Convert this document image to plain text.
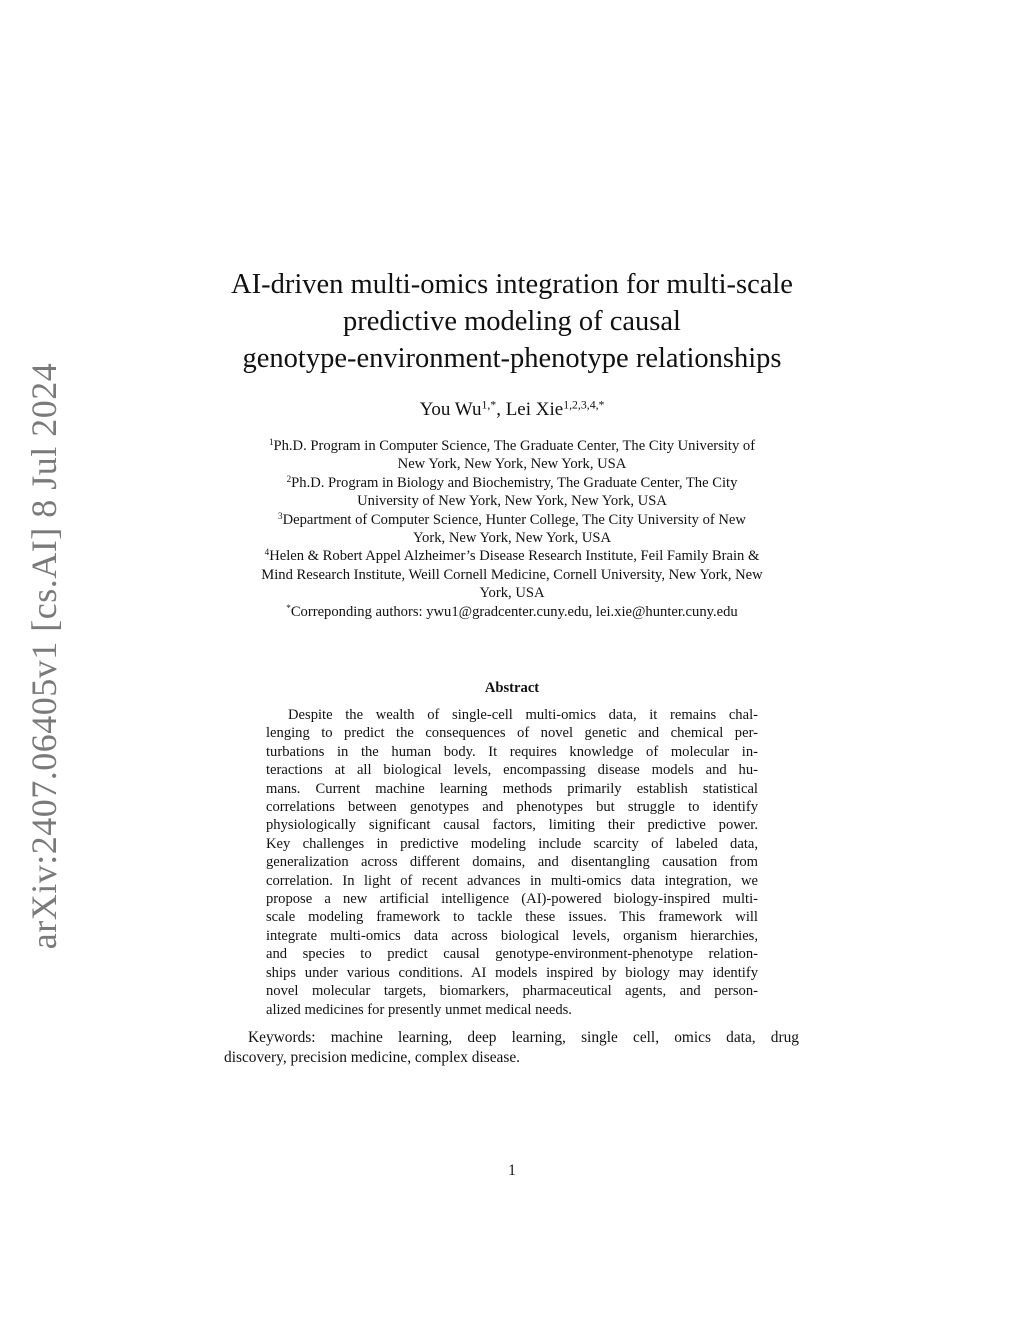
arXiv:2407.06405v1 [cs.AI] 8 Jul 2024
AI-driven multi-omics integration for multi-scale
predictive modeling of causal
genotype-environment-phenotype relationships
You $Wu^{1,*}$, Lei Xie$^{1,2,3,4,*}$
$^1$Ph.D. Program in Computer Science, The Graduate Center, The City University of
New York, New York, New York, USA
$^2$Ph.D. Program in Biology and Biochemistry, The Graduate Center, The City
University of New York, New York, New York, USA
$^3$Department of Computer Science, Hunter College, The City University of New
York, New York, New York, USA
$^4$Helen & Robert Appel Alzheimer’s Disease Research Institute, Feil Family Brain &
Mind Research Institute, Weill Cornell Medicine, Cornell University, New York, New
York, USA
*Correponding authors: ywu1@gradcenter.cuny.edu, lei.xie@hunter.cuny.edu
Abstract
Despite the wealth of single-cell multi-omics data, it remains chal-
lenging to predict the consequences of novel genetic and chemical per-
turbations in the human body. It requires knowledge of molecular in-
teractions at all biological levels, encompassing disease models and hu-
mans. Current machine learning methods primarily establish statistical
correlations between genotypes and phenotypes but struggle to identify
physiologically significant causal factors, limiting their predictive power.
Key challenges in predictive modeling include scarcity of labeled data,
generalization across different domains, and disentangling causation from
correlation. In light of recent advances in multi-omics data integration, we
propose a new artificial intelligence (AI)-powered biology-inspired multi-
scale modeling framework to tackle these issues. This framework will
integrate multi-omics data across biological levels, organism hierarchies,
and species to predict causal genotype-environment-phenotype relation-
ships under various conditions. AI models inspired by biology may identify
novel molecular targets, biomarkers, pharmaceutical agents, and person-
alized medicines for presently unmet medical needs.
Keywords: machine learning, deep learning, single cell, omics data, drug
discovery, precision medicine, complex disease.
1
